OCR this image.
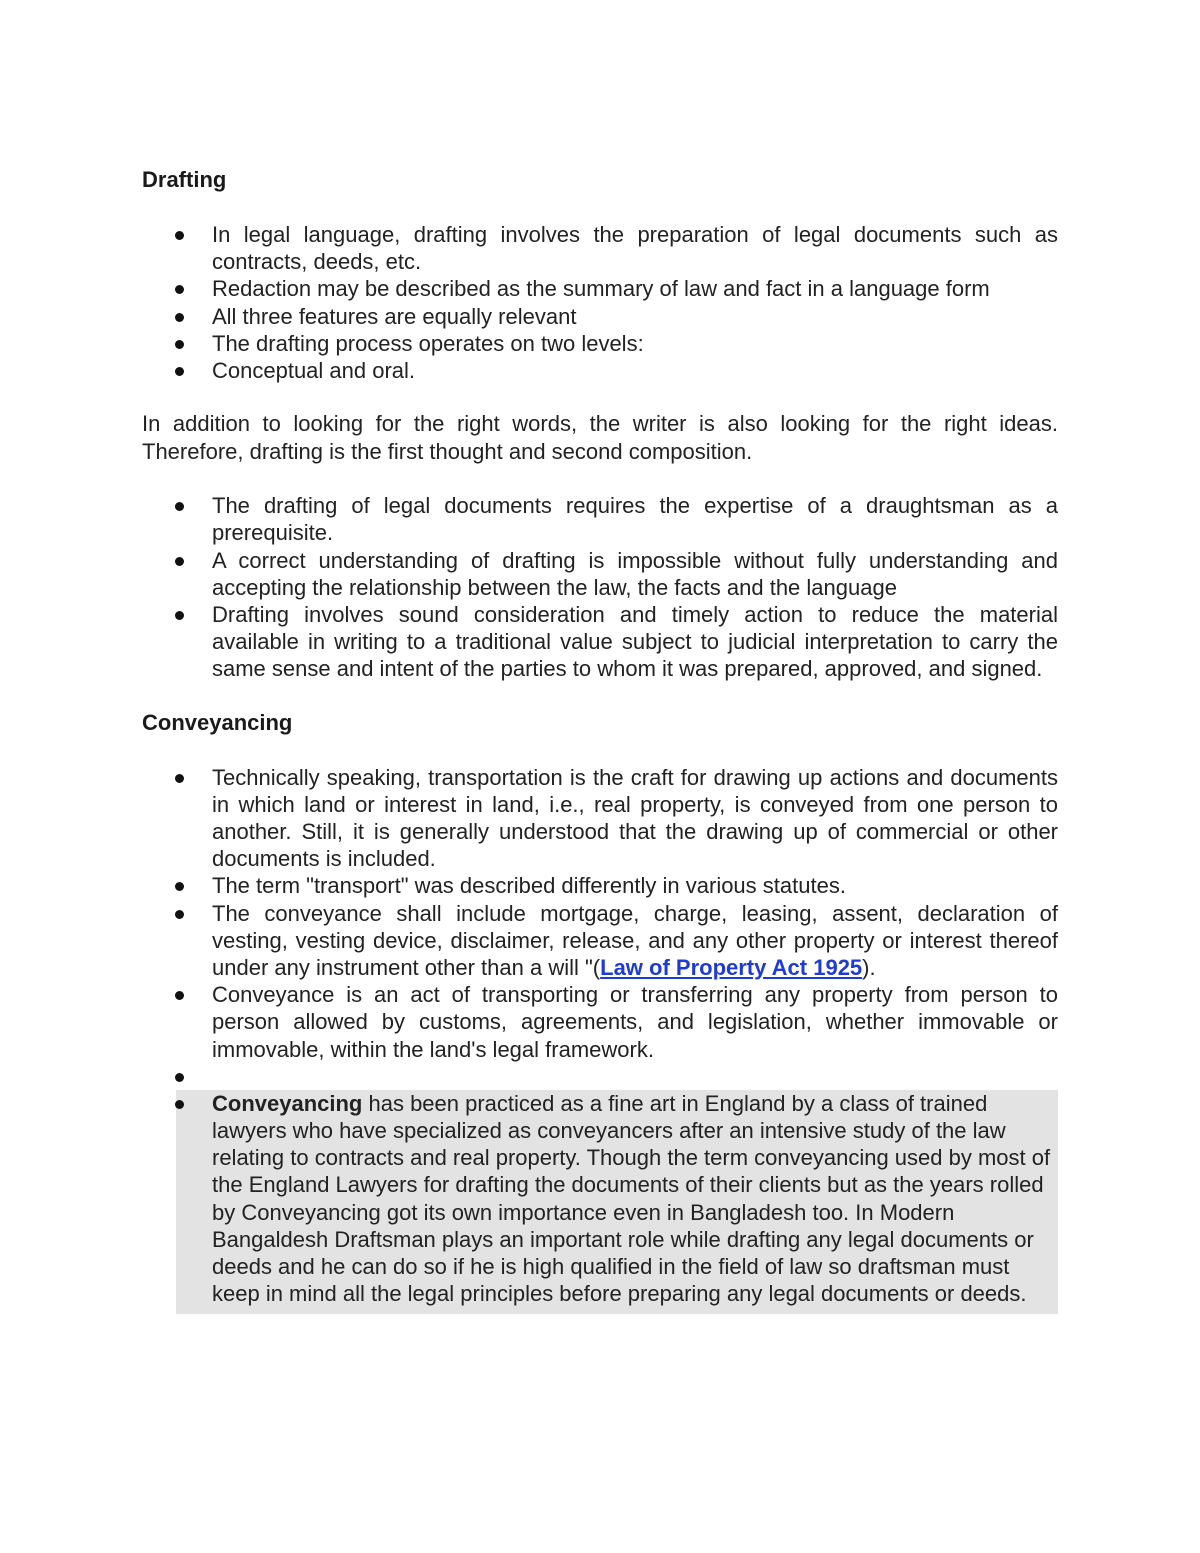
Drafting
In legal language, drafting involves the preparation of legal documents such as contracts, deeds, etc.
Redaction may be described as the summary of law and fact in a language form
All three features are equally relevant
The drafting process operates on two levels:
Conceptual and oral.

In addition to looking for the right words, the writer is also looking for the right ideas. Therefore, drafting is the first thought and second composition.

The drafting of legal documents requires the expertise of a draughtsman as a prerequisite.
A correct understanding of drafting is impossible without fully understanding and accepting the relationship between the law, the facts and the language
Drafting involves sound consideration and timely action to reduce the material available in writing to a traditional value subject to judicial interpretation to carry the same sense and intent of the parties to whom it was prepared, approved, and signed.
Conveyancing
Technically speaking, transportation is the craft for drawing up actions and documents in which land or interest in land, i.e., real property, is conveyed from one person to another. Still, it is generally understood that the drawing up of commercial or other documents is included.
The term "transport" was described differently in various statutes.
The conveyance shall include mortgage, charge, leasing, assent, declaration of vesting, vesting device, disclaimer, release, and any other property or interest thereof under any instrument other than a will "(Law of Property Act 1925).
Conveyance is an act of transporting or transferring any property from person to person allowed by customs, agreements, and legislation, whether immovable or immovable, within the land's legal framework.
Conveyancing has been practiced as a fine art in England by a class of trained lawyers who have specialized as conveyancers after an intensive study of the law relating to contracts and real property. Though the term conveyancing used by most of the England Lawyers for drafting the documents of their clients but as the years rolled by Conveyancing got its own importance even in Bangladesh too. In Modern Bangaldesh Draftsman plays an important role while drafting any legal documents or deeds and he can do so if he is high qualified in the field of law so draftsman must keep in mind all the legal principles before preparing any legal documents or deeds.
